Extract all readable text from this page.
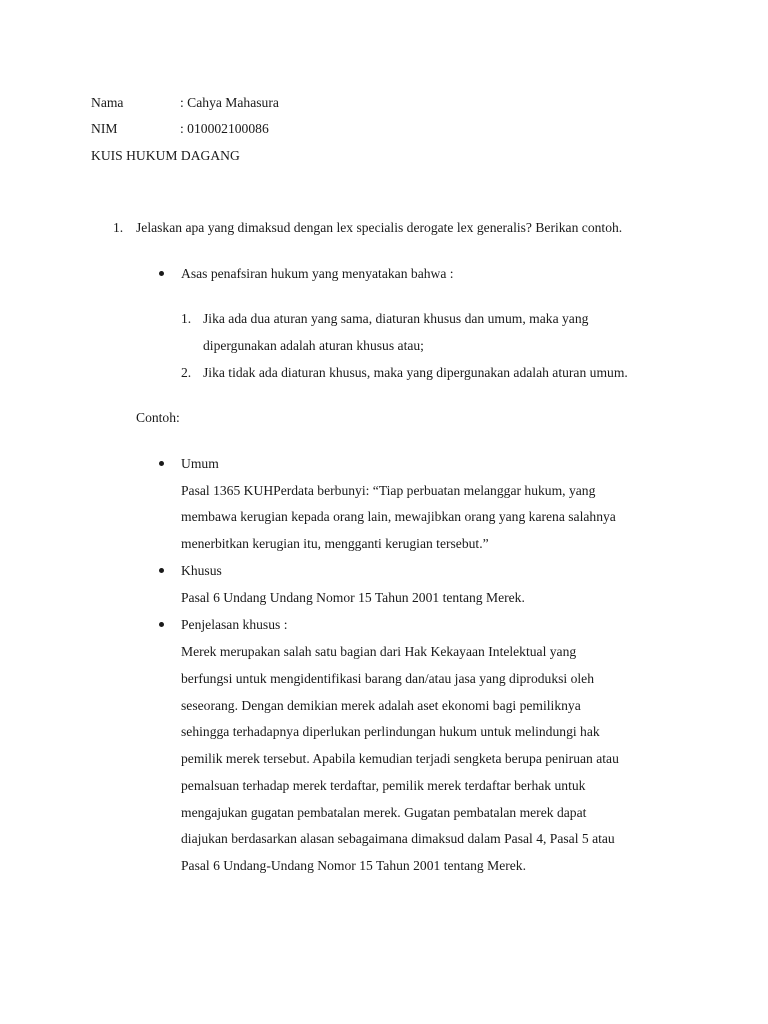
Nama	: Cahya Mahasura
NIM	: 010002100086
KUIS HUKUM DAGANG
1. Jelaskan apa yang dimaksud dengan lex specialis derogate lex generalis? Berikan contoh.
Asas penafsiran hukum yang menyatakan bahwa :
1. Jika ada dua aturan yang sama, diaturan khusus dan umum, maka yang
dipergunakan adalah aturan khusus atau;
2. Jika tidak ada diaturan khusus, maka yang dipergunakan adalah aturan umum.
Contoh:
Umum
Pasal 1365 KUHPerdata berbunyi: “Tiap perbuatan melanggar hukum, yang
membawa kerugian kepada orang lain, mewajibkan orang yang karena salahnya
menerbitkan kerugian itu, mengganti kerugian tersebut.”
Khusus
Pasal 6 Undang Undang Nomor 15 Tahun 2001 tentang Merek.
Penjelasan khusus :
Merek merupakan salah satu bagian dari Hak Kekayaan Intelektual yang
berfungsi untuk mengidentifikasi barang dan/atau jasa yang diproduksi oleh
seseorang. Dengan demikian merek adalah aset ekonomi bagi pemiliknya
sehingga terhadapnya diperlukan perlindungan hukum untuk melindungi hak
pemilik merek tersebut. Apabila kemudian terjadi sengketa berupa peniruan atau
pemalsuan terhadap merek terdaftar, pemilik merek terdaftar berhak untuk
mengajukan gugatan pembatalan merek. Gugatan pembatalan merek dapat
diajukan berdasarkan alasan sebagaimana dimaksud dalam Pasal 4, Pasal 5 atau
Pasal 6 Undang-Undang Nomor 15 Tahun 2001 tentang Merek.
